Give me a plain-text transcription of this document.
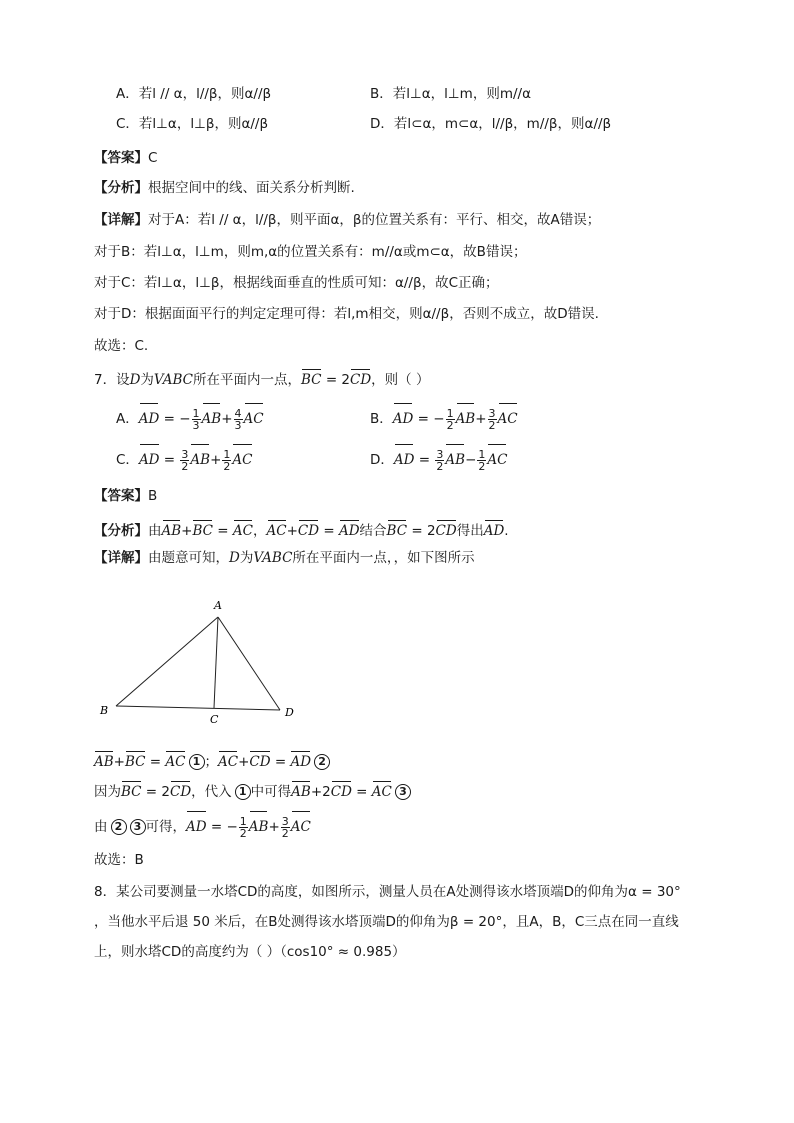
A．若l // α，l//β，则α//β	B．若l⊥α，l⊥m，则m//α
C．若l⊥α，l⊥β，则α//β	D．若l⊂α，m⊂α，l//β，m//β，则α//β
【答案】C
【分析】根据空间中的线、面关系分析判断.
【详解】对于A：若l // α，l//β，则平面α，β的位置关系有：平行、相交，故A错误；
对于B：若l⊥α，l⊥m，则m,α的位置关系有：m//α或m⊂α，故B错误；
对于C：若l⊥α，l⊥β，根据线面垂直的性质可知：α//β，故C正确；
对于D：根据面面平行的判定定理可得：若l,m相交，则α//β，否则不成立，故D错误.
故选：C.
7．设D为VABC所在平面内一点，BC = 2CD，则（ ）
A．AD = − $\frac{1}{3} AB+ \frac{4}{3}$ AC	B．AD = − $\frac{1}{2} AB+ \frac{3}{2}$ AC
C．AD = $\frac{3}{2} AB+ \frac{1}{2}$ AC	D．AD = $\frac{3}{2} AB- \frac{1}{2}$ AC
【答案】B
【分析】由AB+BC = AC，AC+CD = AD结合BC = 2CD得出AD.
【详解】由题意可知，D为VABC所在平面内一点，，如下图所示
A
B
C
D
AB+BC = AC 1 ；AC+CD = AD 2
因为BC = 2CD，代入 1 中可得AB+2CD = AC 3
由 2 3 可得，AD = − $\frac{1}{2} AB+ \frac{3}{2}$ AC
故选：B
8．某公司要测量一水塔CD的高度，如图所示，测量人员在A处测得该水塔顶端D的仰角为α = 30°
，当他水平后退 50 米后，在B处测得该水塔顶端D的仰角为β = 20°，且A，B，C三点在同一直线
上，则水塔CD的高度约为（ ）（cos10° ≈ 0.985）
